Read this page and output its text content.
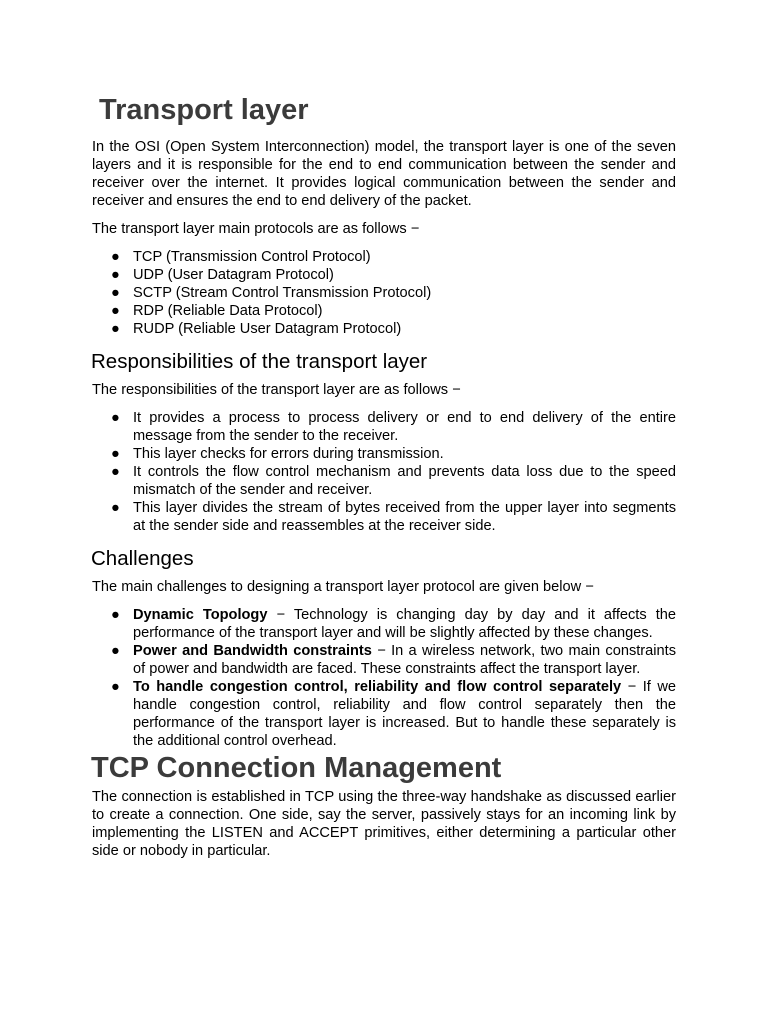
Transport layer
In the OSI (Open System Interconnection) model, the transport layer is one of the seven layers and it is responsible for the end to end communication between the sender and receiver over the internet. It provides logical communication between the sender and receiver and ensures the end to end delivery of the packet.
The transport layer main protocols are as follows −
● TCP (Transmission Control Protocol)
● UDP (User Datagram Protocol)
● SCTP (Stream Control Transmission Protocol)
● RDP (Reliable Data Protocol)
● RUDP (Reliable User Datagram Protocol)
Responsibilities of the transport layer
The responsibilities of the transport layer are as follows −
● It provides a process to process delivery or end to end delivery of the entire message from the sender to the receiver.
● This layer checks for errors during transmission.
● It controls the flow control mechanism and prevents data loss due to the speed mismatch of the sender and receiver.
● This layer divides the stream of bytes received from the upper layer into segments at the sender side and reassembles at the receiver side.
Challenges
The main challenges to designing a transport layer protocol are given below −
● Dynamic Topology − Technology is changing day by day and it affects the performance of the transport layer and will be slightly affected by these changes.
● Power and Bandwidth constraints − In a wireless network, two main constraints of power and bandwidth are faced. These constraints affect the transport layer.
● To handle congestion control, reliability and flow control separately − If we handle congestion control, reliability and flow control separately then the performance of the transport layer is increased. But to handle these separately is the additional control overhead.
TCP Connection Management
The connection is established in TCP using the three-way handshake as discussed earlier to create a connection. One side, say the server, passively stays for an incoming link by implementing the LISTEN and ACCEPT primitives, either determining a particular other side or nobody in particular.
